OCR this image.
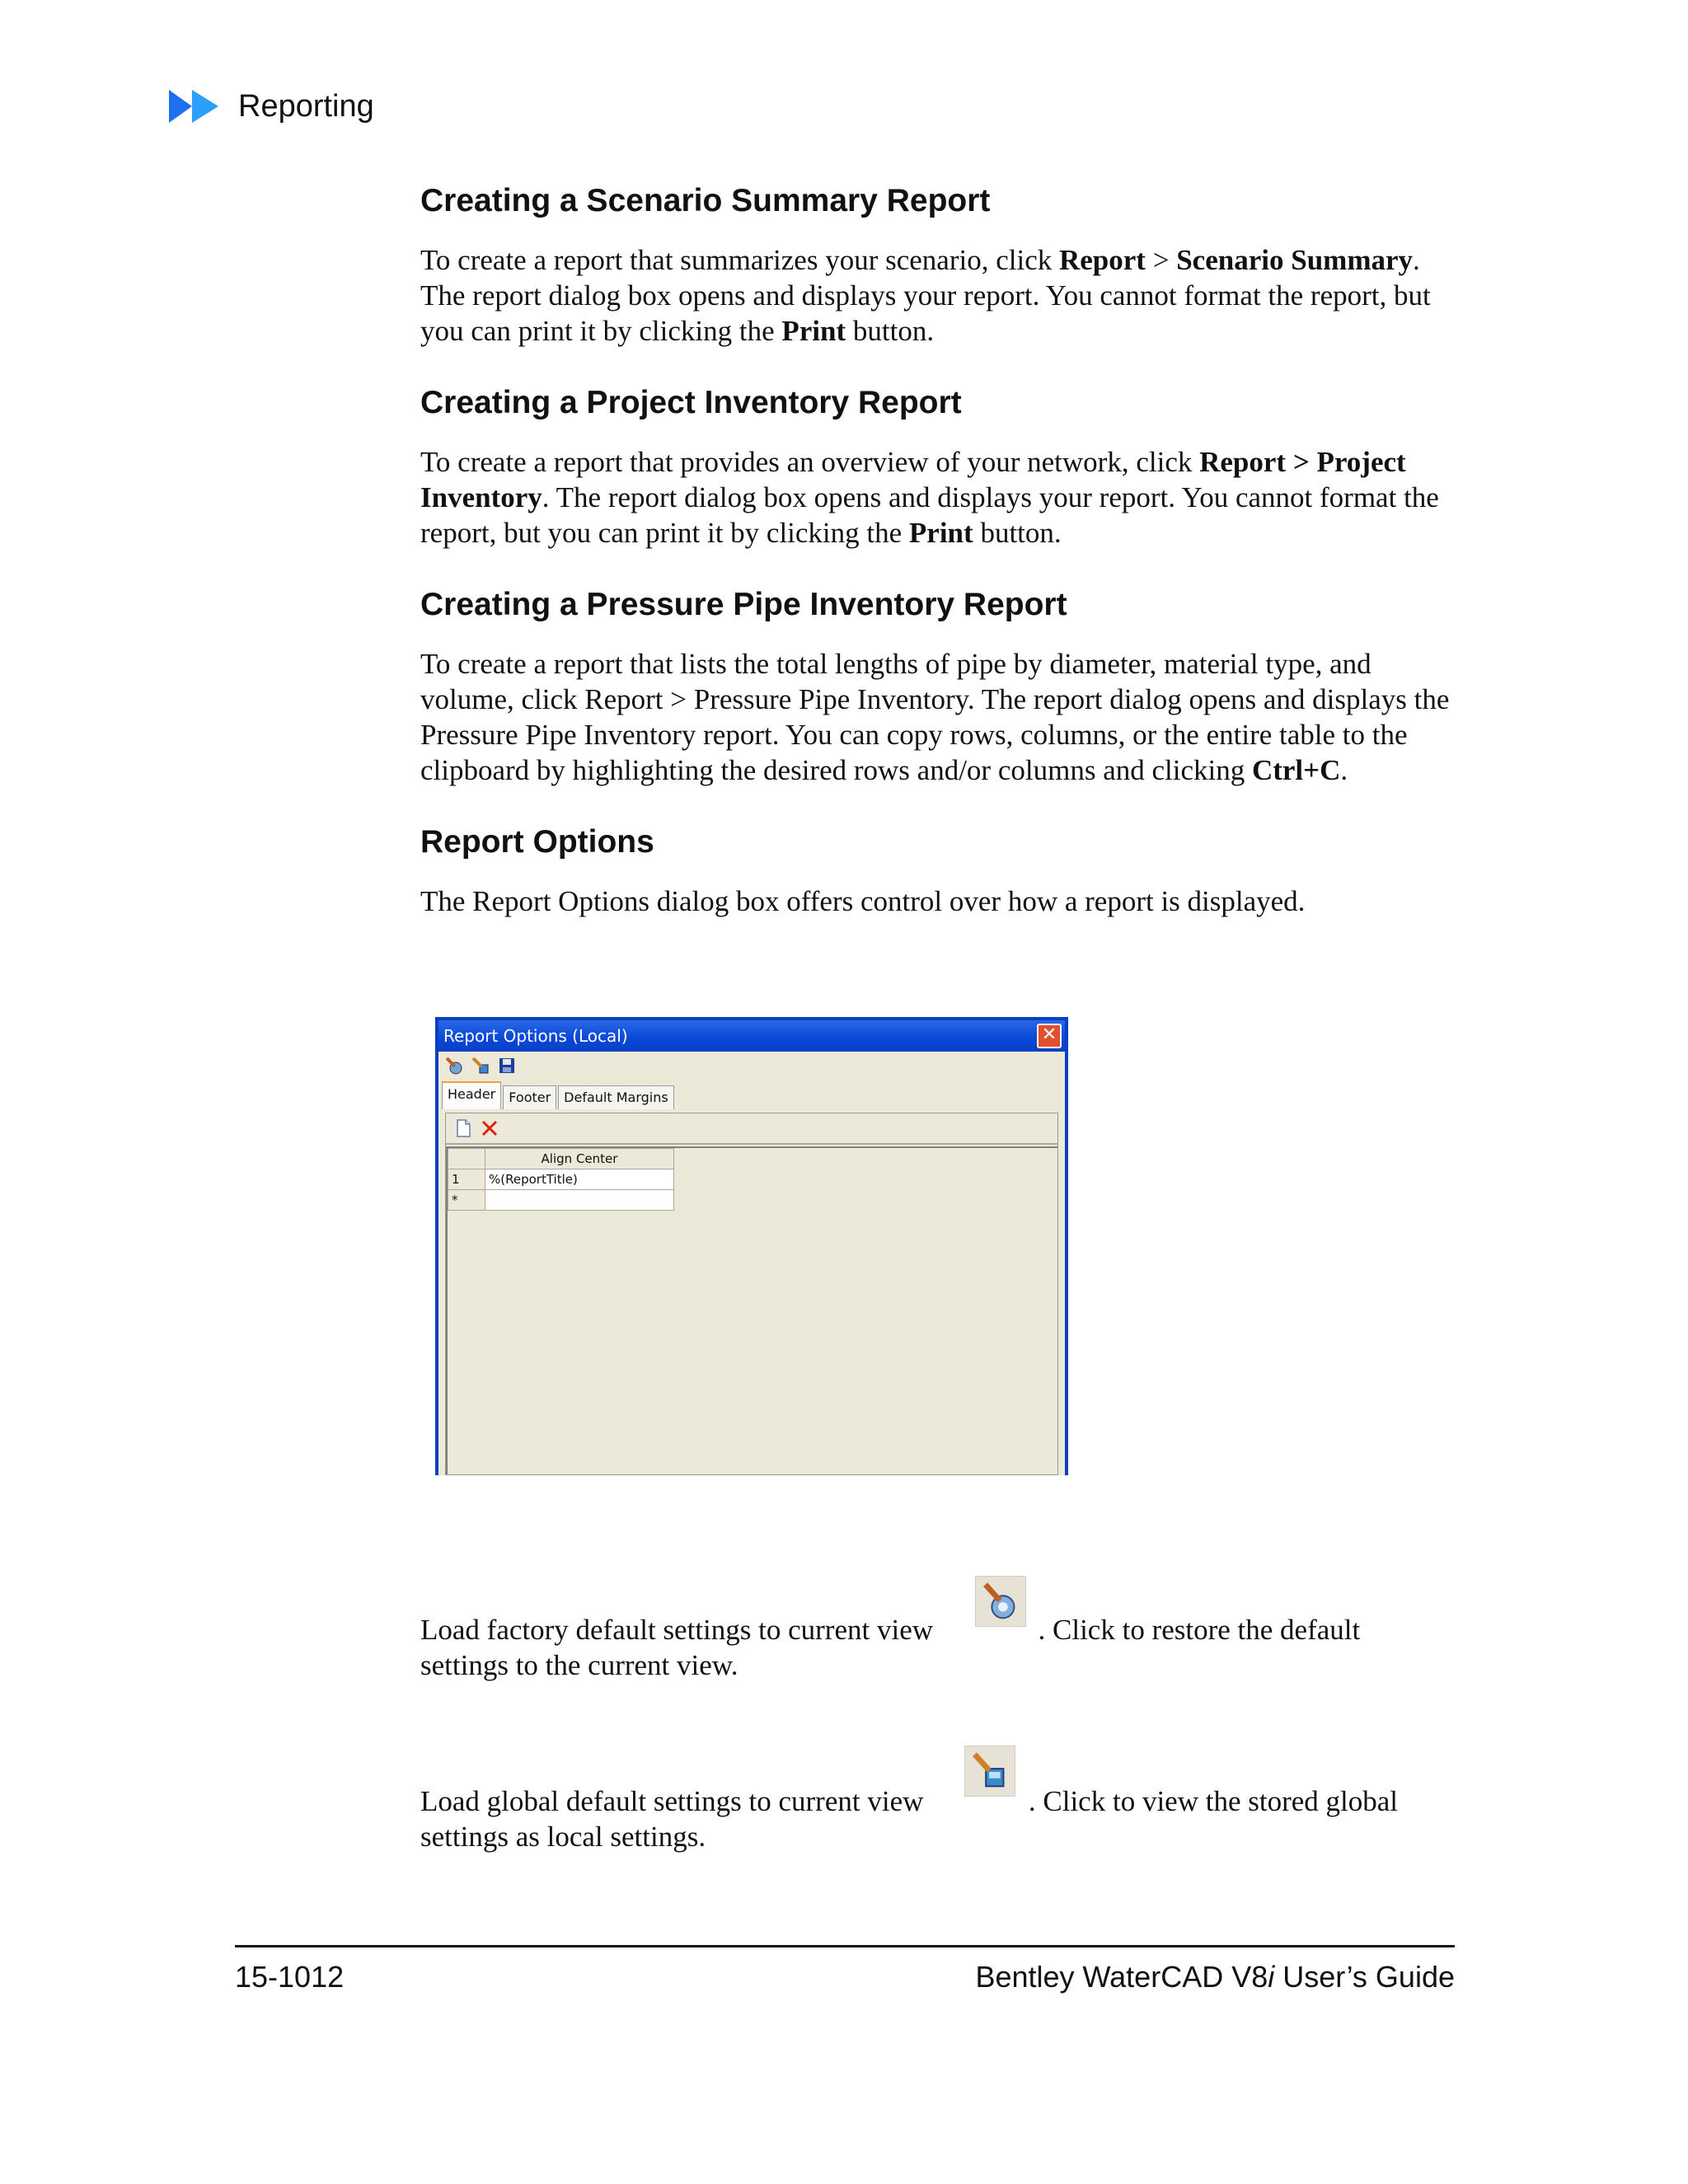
Reporting
Creating a Scenario Summary Report

To create a report that summarizes your scenario, click Report > Scenario Summary. The report dialog box opens and displays your report. You cannot format the report, but you can print it by clicking the Print button.

Creating a Project Inventory Report

To create a report that provides an overview of your network, click Report > Project Inventory. The report dialog box opens and displays your report. You cannot format the report, but you can print it by clicking the Print button.

Creating a Pressure Pipe Inventory Report

To create a report that lists the total lengths of pipe by diameter, material type, and volume, click Report > Pressure Pipe Inventory. The report dialog opens and displays the Pressure Pipe Inventory report. You can copy rows, columns, or the entire table to the clipboard by highlighting the desired rows and/or columns and clicking Ctrl+C.

Report Options

The Report Options dialog box offers control over how a report is displayed.

Report Options (Local)	✕
Header	Footer	Default Margins
	Align Center
1	%(ReportTitle)
*	
Load factory default settings to current view	. Click to restore the default settings to the current view.
Load global default settings to current view	. Click to view the stored global settings as local settings.
15-1012	Bentley WaterCAD V8i User’s Guide
